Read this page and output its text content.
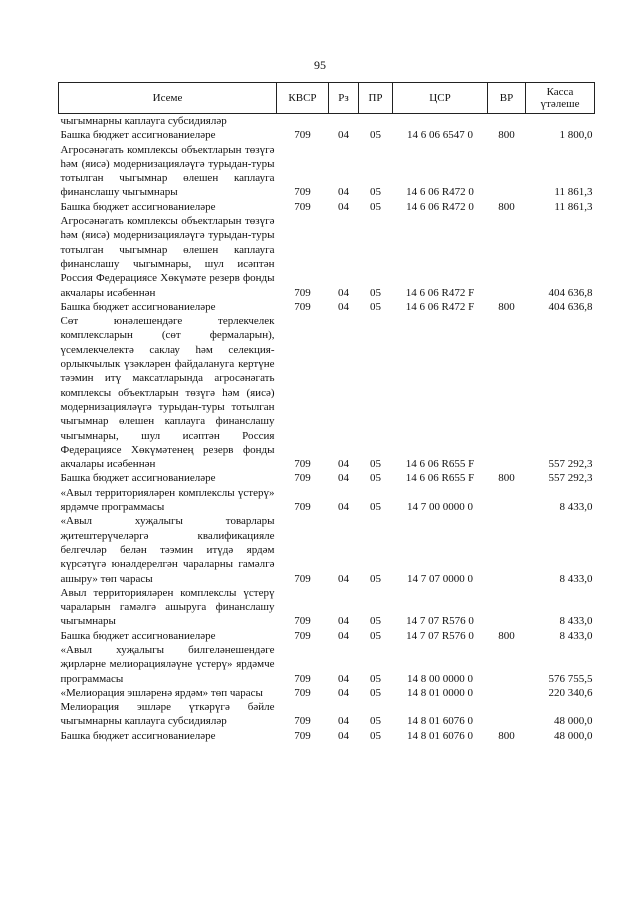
95
Исеме	КВСР	Рз	ПР	ЦСР	ВР	Касса үтәлеше
чыгымнарны каплауга субсидияләр						
Башка бюджет ассигнованиеләре	709	04	05	14 6 06 6547 0	800	1 800,0
Агросәнәгать комплексы объектларын төзүгә һәм (яисә) модернизацияләүгә турыдан-туры тотылган чыгымнар өлешен каплауга финанслашу чыгымнары	709	04	05	14 6 06 R472 0		11 861,3
Башка бюджет ассигнованиеләре	709	04	05	14 6 06 R472 0	800	11 861,3
Агросәнәгать комплексы объектларын төзүгә һәм (яисә) модернизацияләүгә турыдан-туры тотылган чыгымнар өлешен каплауга финанслашу чыгымнары, шул исәптән Россия Федерациясе Хөкүмәте резерв фонды акчалары исәбеннән	709	04	05	14 6 06 R472 F		404 636,8
Башка бюджет ассигнованиеләре	709	04	05	14 6 06 R472 F	800	404 636,8
Сөт юнәлешендәге терлекчелек комплексларын (сөт фермаларын), үсемлекчелектә саклау һәм селекция-орлыкчылык үзәкләрен файдалануга кертүне тәэмин итү максатларында агросәнәгать комплексы объектларын төзүгә һәм (яисә) модернизацияләүгә турыдан-туры тотылган чыгымнар өлешен каплауга финанслашу чыгымнары, шул исәптән Россия Федерациясе Хөкүмәтенең резерв фонды акчалары исәбеннән	709	04	05	14 6 06 R655 F		557 292,3
Башка бюджет ассигнованиеләре	709	04	05	14 6 06 R655 F	800	557 292,3
«Авыл территорияләрен комплекслы үстерү» ярдәмче программасы	709	04	05	14 7 00 0000 0		8 433,0
«Авыл хуҗалыгы товарлары җитештерүчеләргә квалификацияле белгечләр белән тәэмин итүдә ярдәм күрсәтүгә юнәлдерелгән чараларны гамәлгә ашыру» төп чарасы	709	04	05	14 7 07 0000 0		8 433,0
Авыл территорияләрен комплекслы үстерү чараларын гамәлгә ашыруга финанслашу чыгымнары	709	04	05	14 7 07 R576 0		8 433,0
Башка бюджет ассигнованиеләре	709	04	05	14 7 07 R576 0	800	8 433,0
«Авыл хуҗалыгы билгеләнешендәге җирләрне мелиорацияләүне үстерү» ярдәмче программасы	709	04	05	14 8 00 0000 0		576 755,5
«Мелиорация эшләренә ярдәм» төп чарасы	709	04	05	14 8 01 0000 0		220 340,6
Мелиорация эшләре үткәрүгә бәйле чыгымнарны каплауга субсидияләр	709	04	05	14 8 01 6076 0		48 000,0
Башка бюджет ассигнованиеләре	709	04	05	14 8 01 6076 0	800	48 000,0
